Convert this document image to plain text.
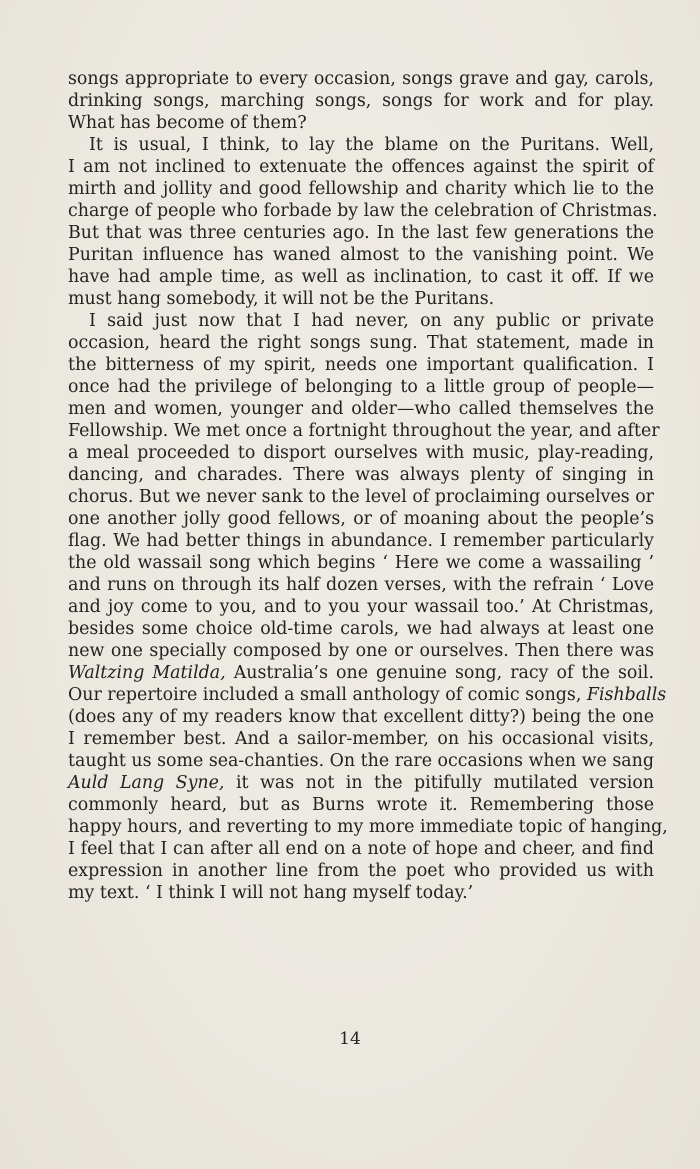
songs appropriate to every occasion, songs grave and gay, carols,
drinking songs, marching songs, songs for work and for play.
What has become of them?
It is usual, I think, to lay the blame on the Puritans. Well,
I am not inclined to extenuate the offences against the spirit of
mirth and jollity and good fellowship and charity which lie to the
charge of people who forbade by law the celebration of Christmas.
But that was three centuries ago. In the last few generations the
Puritan influence has waned almost to the vanishing point. We
have had ample time, as well as inclination, to cast it off. If we
must hang somebody, it will not be the Puritans.
I said just now that I had never, on any public or private
occasion, heard the right songs sung. That statement, made in
the bitterness of my spirit, needs one important qualification. I
once had the privilege of belonging to a little group of people—
men and women, younger and older—who called themselves the
Fellowship. We met once a fortnight throughout the year, and after
a meal proceeded to disport ourselves with music, play-reading,
dancing, and charades. There was always plenty of singing in
chorus. But we never sank to the level of proclaiming ourselves or
one another jolly good fellows, or of moaning about the people’s
flag. We had better things in abundance. I remember particularly
the old wassail song which begins ‘ Here we come a wassailing ’
and runs on through its half dozen verses, with the refrain ‘ Love
and joy come to you, and to you your wassail too.’ At Christmas,
besides some choice old-time carols, we had always at least one
new one specially composed by one or ourselves. Then there was
Waltzing Matilda, Australia’s one genuine song, racy of the soil.
Our repertoire included a small anthology of comic songs, Fishballs
(does any of my readers know that excellent ditty?) being the one
I remember best. And a sailor-member, on his occasional visits,
taught us some sea-chanties. On the rare occasions when we sang
Auld Lang Syne, it was not in the pitifully mutilated version
commonly heard, but as Burns wrote it. Remembering those
happy hours, and reverting to my more immediate topic of hanging,
I feel that I can after all end on a note of hope and cheer, and find
expression in another line from the poet who provided us with
my text. ‘ I think I will not hang myself today.’
14
